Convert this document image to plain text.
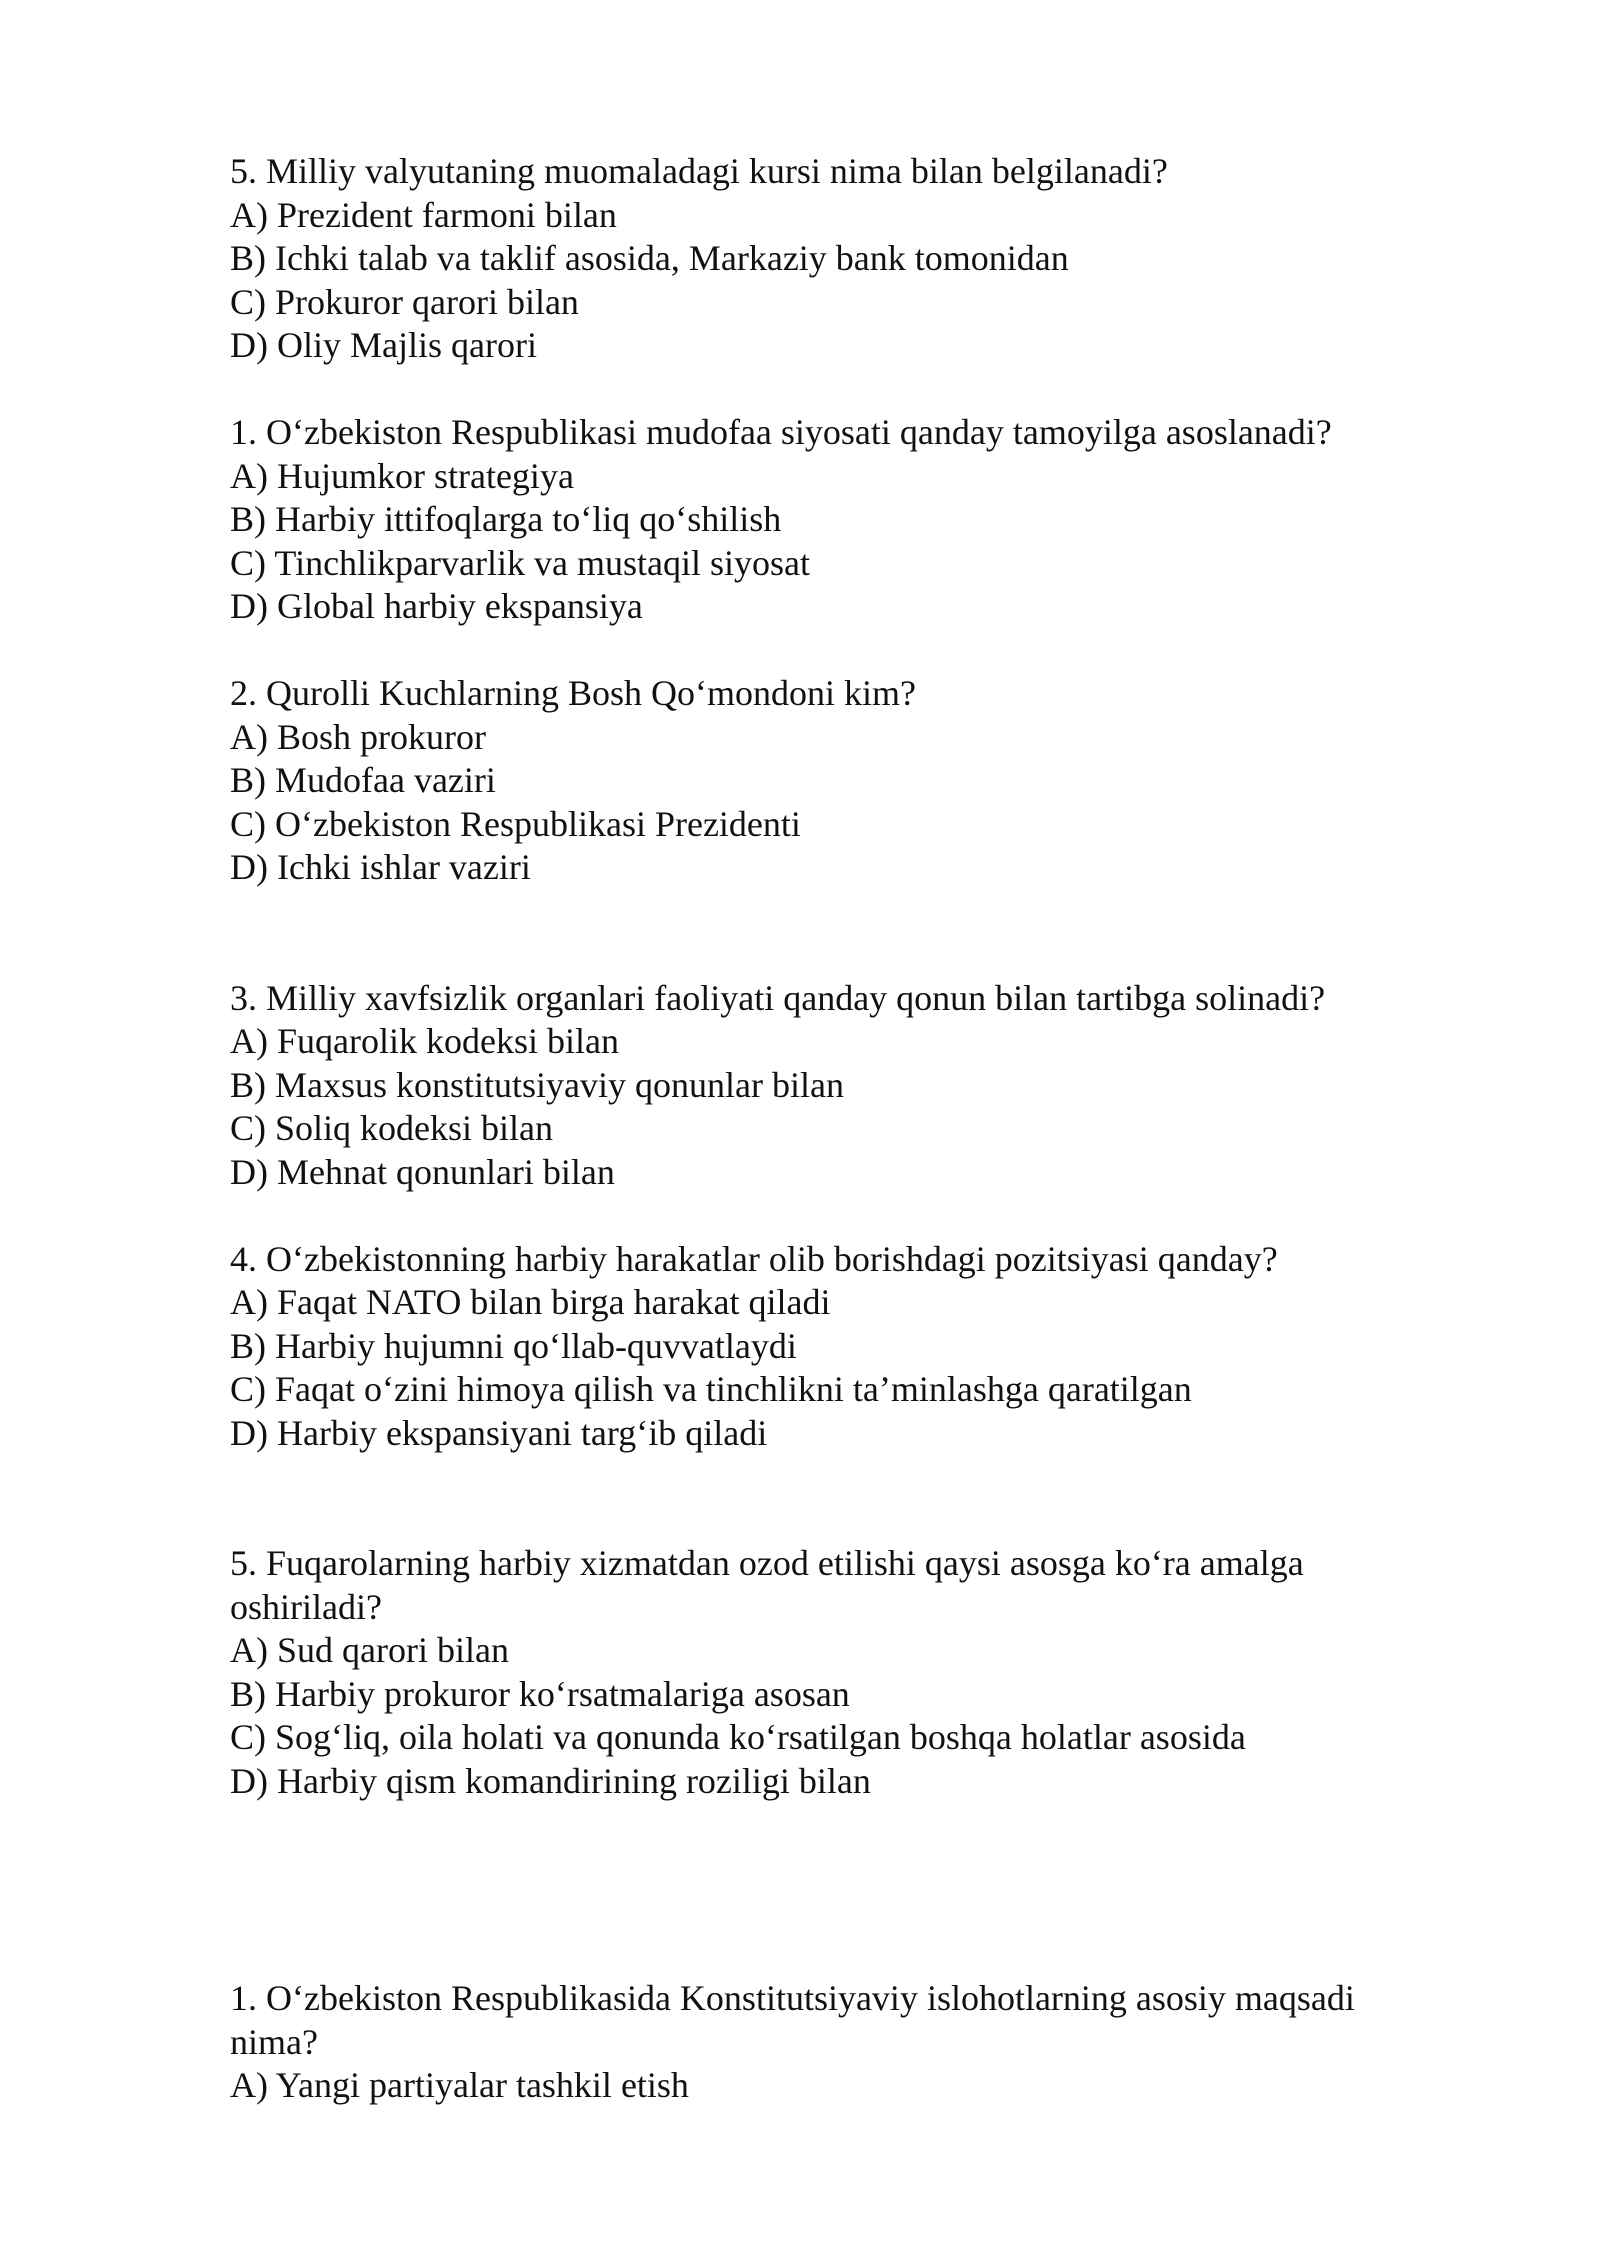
5. Milliy valyutaning muomaladagi kursi nima bilan belgilanadi?
A) Prezident farmoni bilan
B) Ichki talab va taklif asosida, Markaziy bank tomonidan
C) Prokuror qarori bilan
D) Oliy Majlis qarori
1. O‘zbekiston Respublikasi mudofaa siyosati qanday tamoyilga asoslanadi?
A) Hujumkor strategiya
B) Harbiy ittifoqlarga to‘liq qo‘shilish
C) Tinchlikparvarlik va mustaqil siyosat
D) Global harbiy ekspansiya
2. Qurolli Kuchlarning Bosh Qo‘mondoni kim?
A) Bosh prokuror
B) Mudofaa vaziri
C) O‘zbekiston Respublikasi Prezidenti
D) Ichki ishlar vaziri
3. Milliy xavfsizlik organlari faoliyati qanday qonun bilan tartibga solinadi?
A) Fuqarolik kodeksi bilan
B) Maxsus konstitutsiyaviy qonunlar bilan
C) Soliq kodeksi bilan
D) Mehnat qonunlari bilan
4. O‘zbekistonning harbiy harakatlar olib borishdagi pozitsiyasi qanday?
A) Faqat NATO bilan birga harakat qiladi
B) Harbiy hujumni qo‘llab-quvvatlaydi
C) Faqat o‘zini himoya qilish va tinchlikni ta’minlashga qaratilgan
D) Harbiy ekspansiyani targ‘ib qiladi
5. Fuqarolarning harbiy xizmatdan ozod etilishi qaysi asosga ko‘ra amalga
oshiriladi?
A) Sud qarori bilan
B) Harbiy prokuror ko‘rsatmalariga asosan
C) Sog‘liq, oila holati va qonunda ko‘rsatilgan boshqa holatlar asosida
D) Harbiy qism komandirining roziligi bilan
1. O‘zbekiston Respublikasida Konstitutsiyaviy islohotlarning asosiy maqsadi
nima?
A) Yangi partiyalar tashkil etish
